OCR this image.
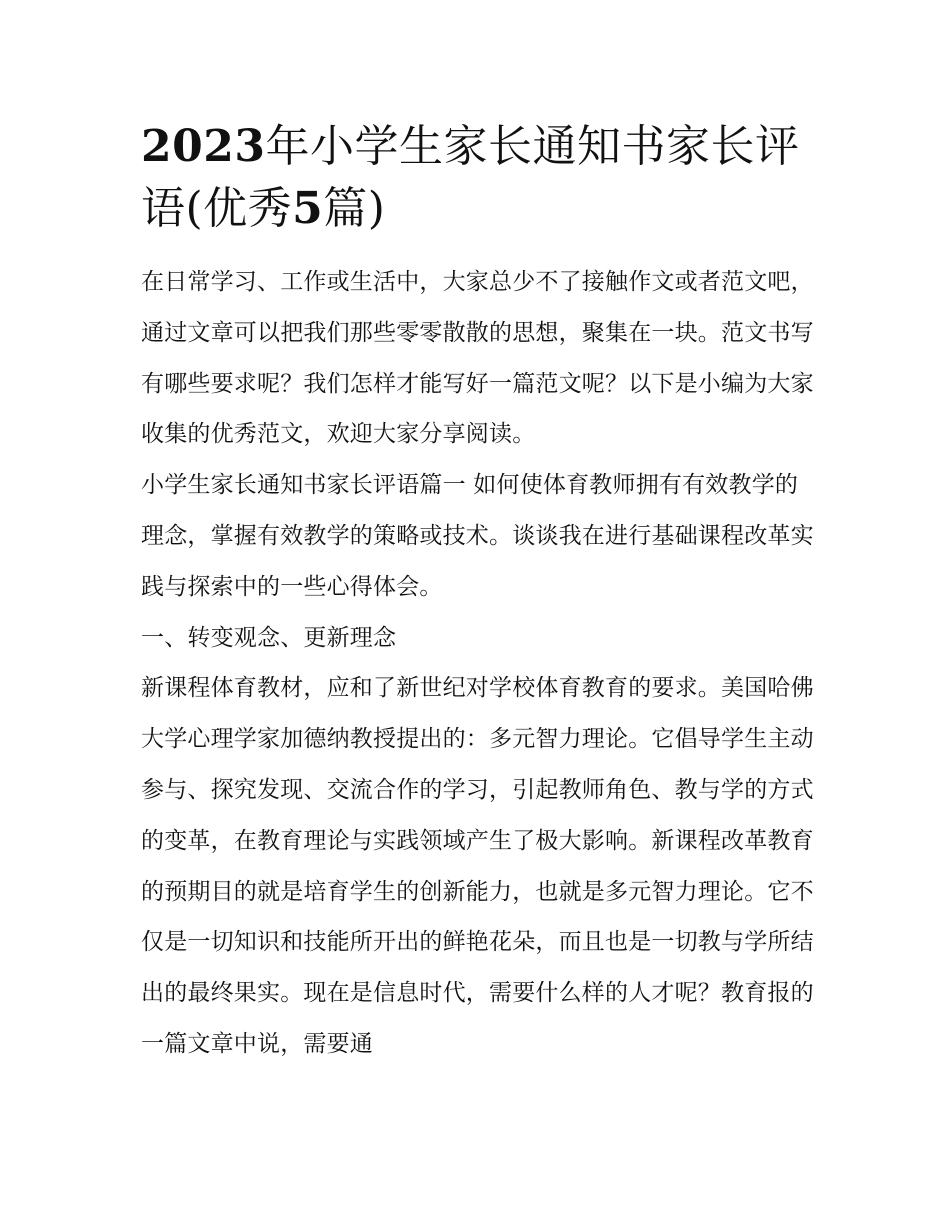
2023年小学生家长通知书家长评语(优秀5篇)

在日常学习、工作或生活中，大家总少不了接触作文或者范文吧，通过文章可以把我们那些零零散散的思想，聚集在一块。范文书写有哪些要求呢？我们怎样才能写好一篇范文呢？以下是小编为大家收集的优秀范文，欢迎大家分享阅读。

小学生家长通知书家长评语篇一 如何使体育教师拥有有效教学的理念，掌握有效教学的策略或技术。谈谈我在进行基础课程改革实践与探索中的一些心得体会。

一、转变观念、更新理念

新课程体育教材，应和了新世纪对学校体育教育的要求。美国哈佛大学心理学家加德纳教授提出的：多元智力理论。它倡导学生主动参与、探究发现、交流合作的学习，引起教师角色、教与学的方式的变革，在教育理论与实践领域产生了极大影响。新课程改革教育的预期目的就是培育学生的创新能力，也就是多元智力理论。它不仅是一切知识和技能所开出的鲜艳花朵，而且也是一切教与学所结出的最终果实。现在是信息时代，需要什么样的人才呢？教育报的一篇文章中说，需要通
